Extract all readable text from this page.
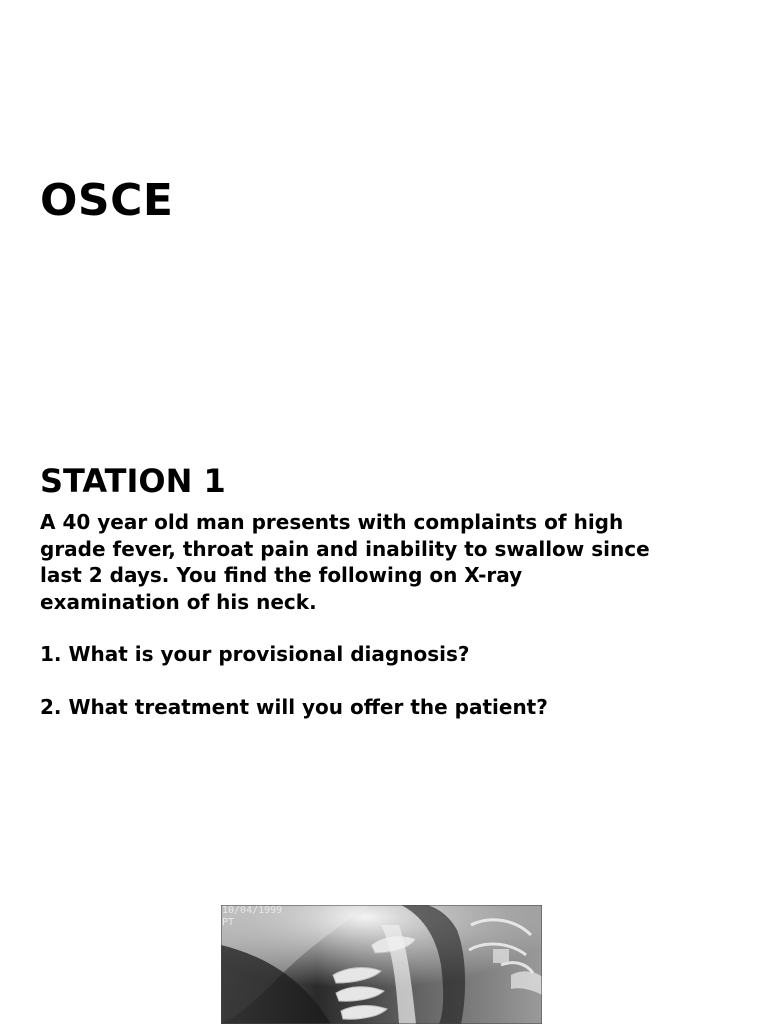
OSCE
STATION 1

A 40 year old man presents with complaints of high
grade fever, throat pain and inability to swallow since
last 2 days. You find the following on X-ray
examination of his neck.

1. What is your provisional diagnosis?

2. What treatment will you offer the patient?

10/04/1999
PT
